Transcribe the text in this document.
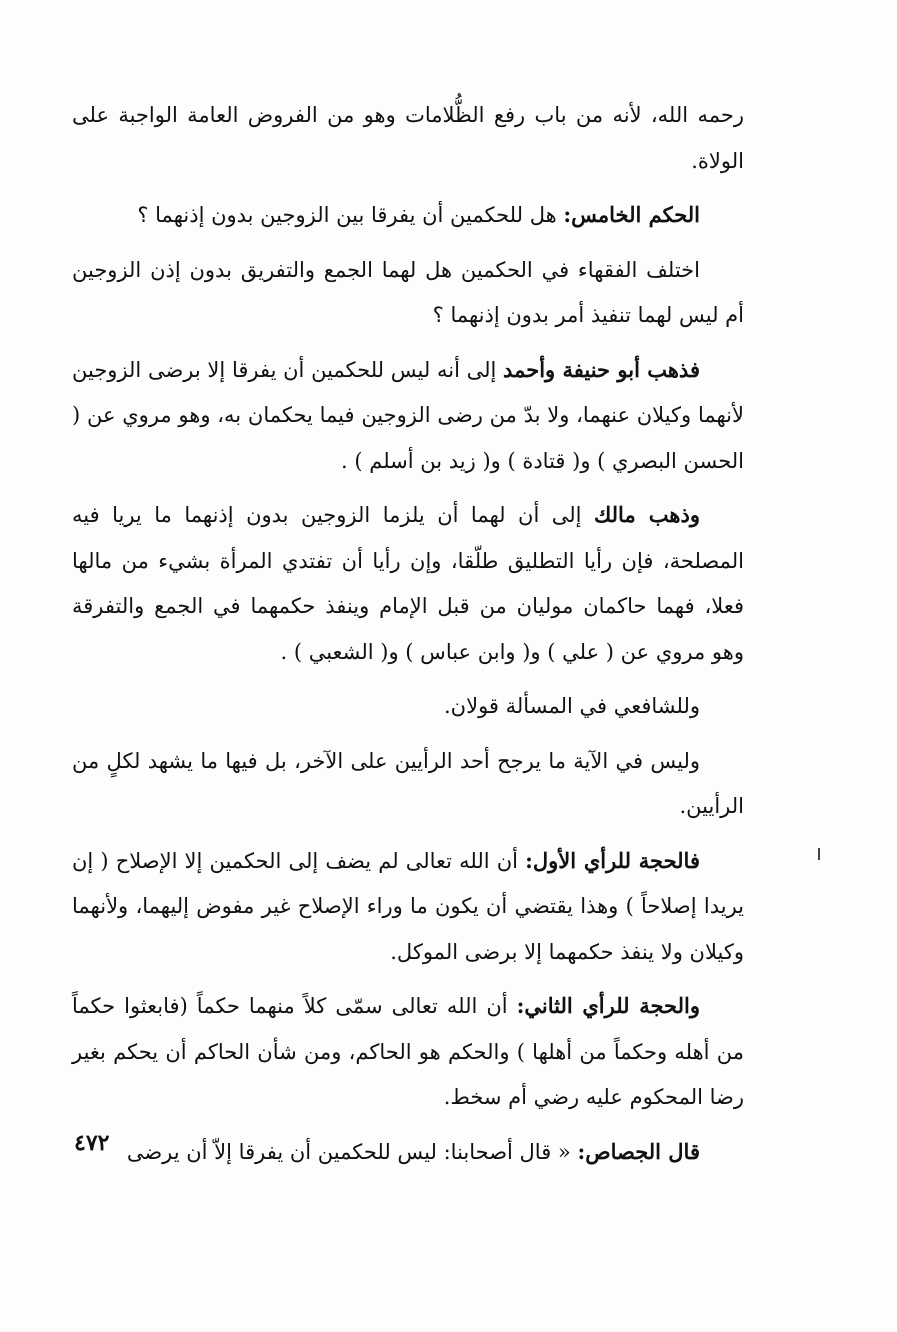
رحمه الله، لأنه من باب رفع الظُّلامات وهو من الفروض العامة الواجبة على الولاة.

الحكم الخامس: هل للحكمين أن يفرقا بين الزوجين بدون إذنهما ؟

اختلف الفقهاء في الحكمين هل لهما الجمع والتفريق بدون إذن الزوجين أم ليس لهما تنفيذ أمر بدون إذنهما ؟

فذهب أبو حنيفة وأحمد إلى أنه ليس للحكمين أن يفرقا إلا برضى الزوجين لأنهما وكيلان عنهما، ولا بدّ من رضى الزوجين فيما يحكمان به، وهو مروي عن ( الحسن البصري ) و( قتادة ) و( زيد بن أسلم ) .

وذهب مالك إلى أن لهما أن يلزما الزوجين بدون إذنهما ما يريا فيه المصلحة، فإن رأيا التطليق طلّقا، وإن رأيا أن تفتدي المرأة بشيء من مالها فعلا، فهما حاكمان موليان من قبل الإمام وينفذ حكمهما في الجمع والتفرقة وهو مروي عن ( علي ) و( وابن عباس ) و( الشعبي ) .

وللشافعي في المسألة قولان.

وليس في الآية ما يرجح أحد الرأيين على الآخر، بل فيها ما يشهد لكلٍ من الرأيين.

فالحجة للرأي الأول: أن الله تعالى لم يضف إلى الحكمين إلا الإصلاح ( إن يريدا إصلاحاً ) وهذا يقتضي أن يكون ما وراء الإصلاح غير مفوض إليهما، ولأنهما وكيلان ولا ينفذ حكمهما إلا برضى الموكل.

والحجة للرأي الثاني: أن الله تعالى سمّى كلاً منهما حكماً (فابعثوا حكماً من أهله وحكماً من أهلها ) والحكم هو الحاكم، ومن شأن الحاكم أن يحكم بغير رضا المحكوم عليه رضي أم سخط.

قال الجصاص: « قال أصحابنا: ليس للحكمين أن يفرقا إلاّ أن يرضى

٤٧٢
